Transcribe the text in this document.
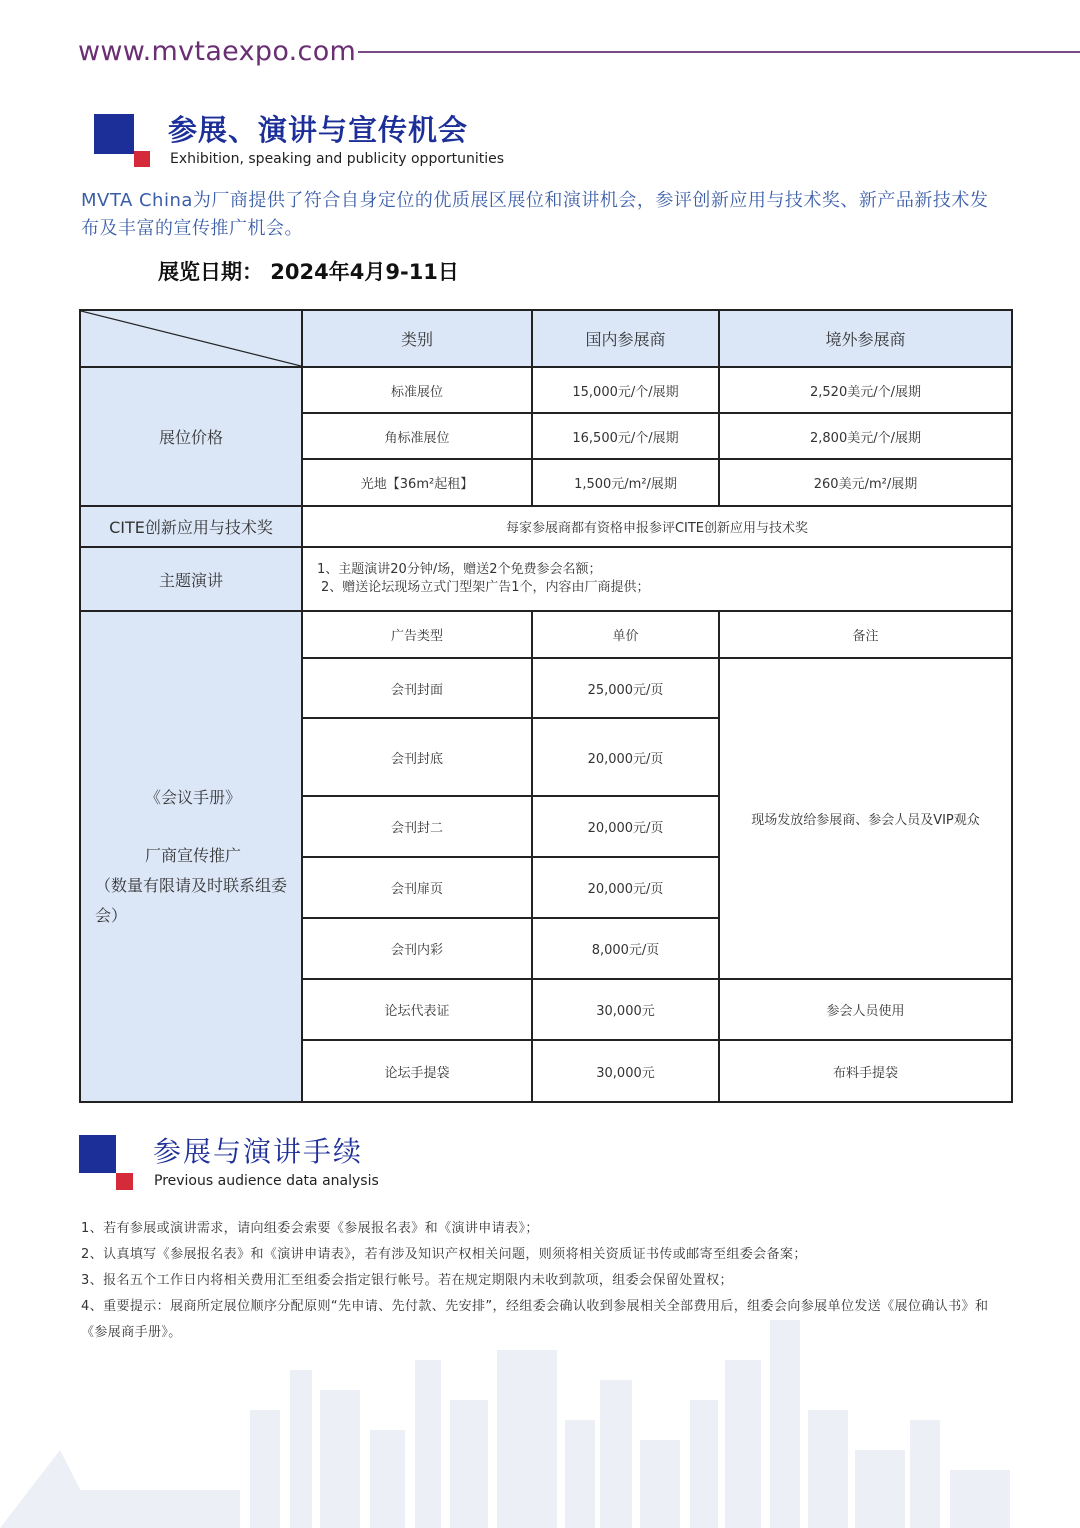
www.mvtaexpo.com
参展、演讲与宣传机会
Exhibition, speaking and publicity opportunities
MVTA China为厂商提供了符合自身定位的优质展区展位和演讲机会，参评创新应用与技术奖、新产品新技术发布及丰富的宣传推广机会。
展览日期： 2024年4月9-11日
	类别	国内参展商	境外参展商
展位价格	标准展位	15,000元/个/展期	2,520美元/个/展期
	角标准展位	16,500元/个/展期	2,800美元/个/展期
	光地【36m²起租】	1,500元/m²/展期	260美元/m²/展期
CITE创新应用与技术奖	每家参展商都有资格申报参评CITE创新应用与技术奖		
主题演讲	1、主题演讲20分钟/场，赠送2个免费参会名额；
2、赠送论坛现场立式门型架广告1个，内容由厂商提供；		

《会议手册》
厂商宣传推广
（数量有限请及时联系组委会）	广告类型	单价	备注
	会刊封面	25,000元/页	现场发放给参展商、参会人员及VIP观众
	会刊封底	20,000元/页	
	会刊封二	20,000元/页	
	会刊扉页	20,000元/页	
	会刊内彩	8,000元/页	
	论坛代表证	30,000元	参会人员使用
	论坛手提袋	30,000元	布料手提袋
参展与演讲手续
Previous audience data analysis

1、若有参展或演讲需求，请向组委会索要《参展报名表》和《演讲申请表》；

2、认真填写《参展报名表》和《演讲申请表》，若有涉及知识产权相关问题，则须将相关资质证书传或邮寄至组委会备案；

3、报名五个工作日内将相关费用汇至组委会指定银行帐号。若在规定期限内未收到款项，组委会保留处置权；

4、重要提示：展商所定展位顺序分配原则“先申请、先付款、先安排”，经组委会确认收到参展相关全部费用后，组委会向参展单位发送《展位确认书》和《参展商手册》。
